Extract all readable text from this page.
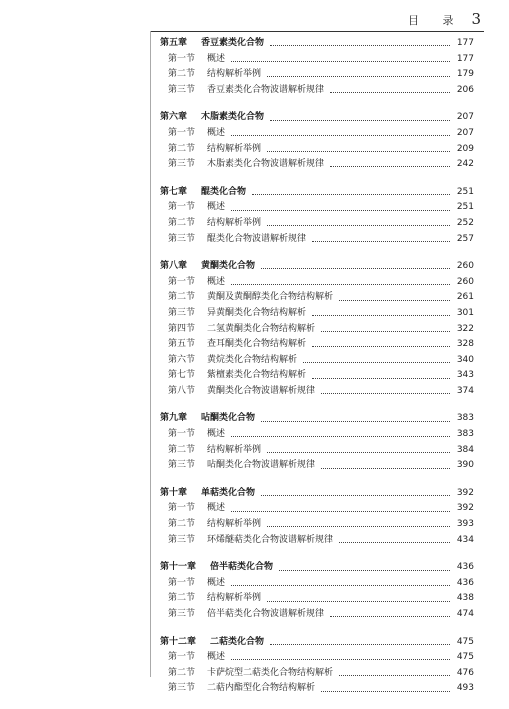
目 录 3
第五章 香豆素类化合物	177
第一节 概述	177
第二节 结构解析举例	179
第三节 香豆素类化合物波谱解析规律	206
第六章 木脂素类化合物	207
第一节 概述	207
第二节 结构解析举例	209
第三节 木脂素类化合物波谱解析规律	242
第七章 醌类化合物	251
第一节 概述	251
第二节 结构解析举例	252
第三节 醌类化合物波谱解析规律	257
第八章 黄酮类化合物	260
第一节 概述	260
第二节 黄酮及黄酮醇类化合物结构解析	261
第三节 异黄酮类化合物结构解析	301
第四节 二氢黄酮类化合物结构解析	322
第五节 查耳酮类化合物结构解析	328
第六节 黄烷类化合物结构解析	340
第七节 紫檀素类化合物结构解析	343
第八节 黄酮类化合物波谱解析规律	374
第九章 呫酮类化合物	383
第一节 概述	383
第二节 结构解析举例	384
第三节 呫酮类化合物波谱解析规律	390
第十章 单萜类化合物	392
第一节 概述	392
第二节 结构解析举例	393
第三节 环烯醚萜类化合物波谱解析规律	434
第十一章 倍半萜类化合物	436
第一节 概述	436
第二节 结构解析举例	438
第三节 倍半萜类化合物波谱解析规律	474
第十二章 二萜类化合物	475
第一节 概述	475
第二节 卡萨烷型二萜类化合物结构解析	476
第三节 二萜内酯型化合物结构解析	493
